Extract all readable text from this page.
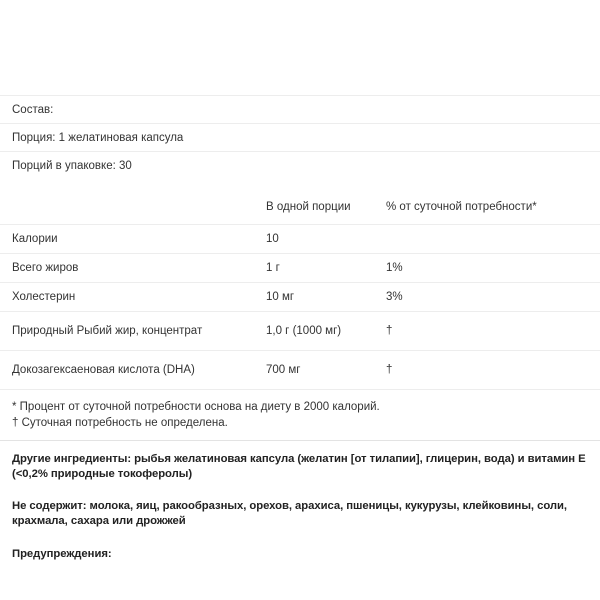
Состав:
Порция: 1 желатиновая капсула
Порций в упаковке: 30
	В одной порции	% от суточной потребности*
Калории	10	
Всего жиров	1 г	1%
Холестерин	10 мг	3%
Природный Рыбий жир, концентрат	1,0 г (1000 мг)	†
Докозагексаеновая кислота (DHA)	700 мг	†
* Процент от суточной потребности основа на диету в 2000 калорий.
† Суточная потребность не определена.
Другие ингредиенты: рыбья желатиновая капсула (желатин [от тилапии], глицерин, вода) и витамин E (<0,2% природные токоферолы)
Не содержит: молока, яиц, ракообразных, орехов, арахиса, пшеницы, кукурузы, клейковины, соли, крахмала, сахара или дрожжей
Предупреждения:
